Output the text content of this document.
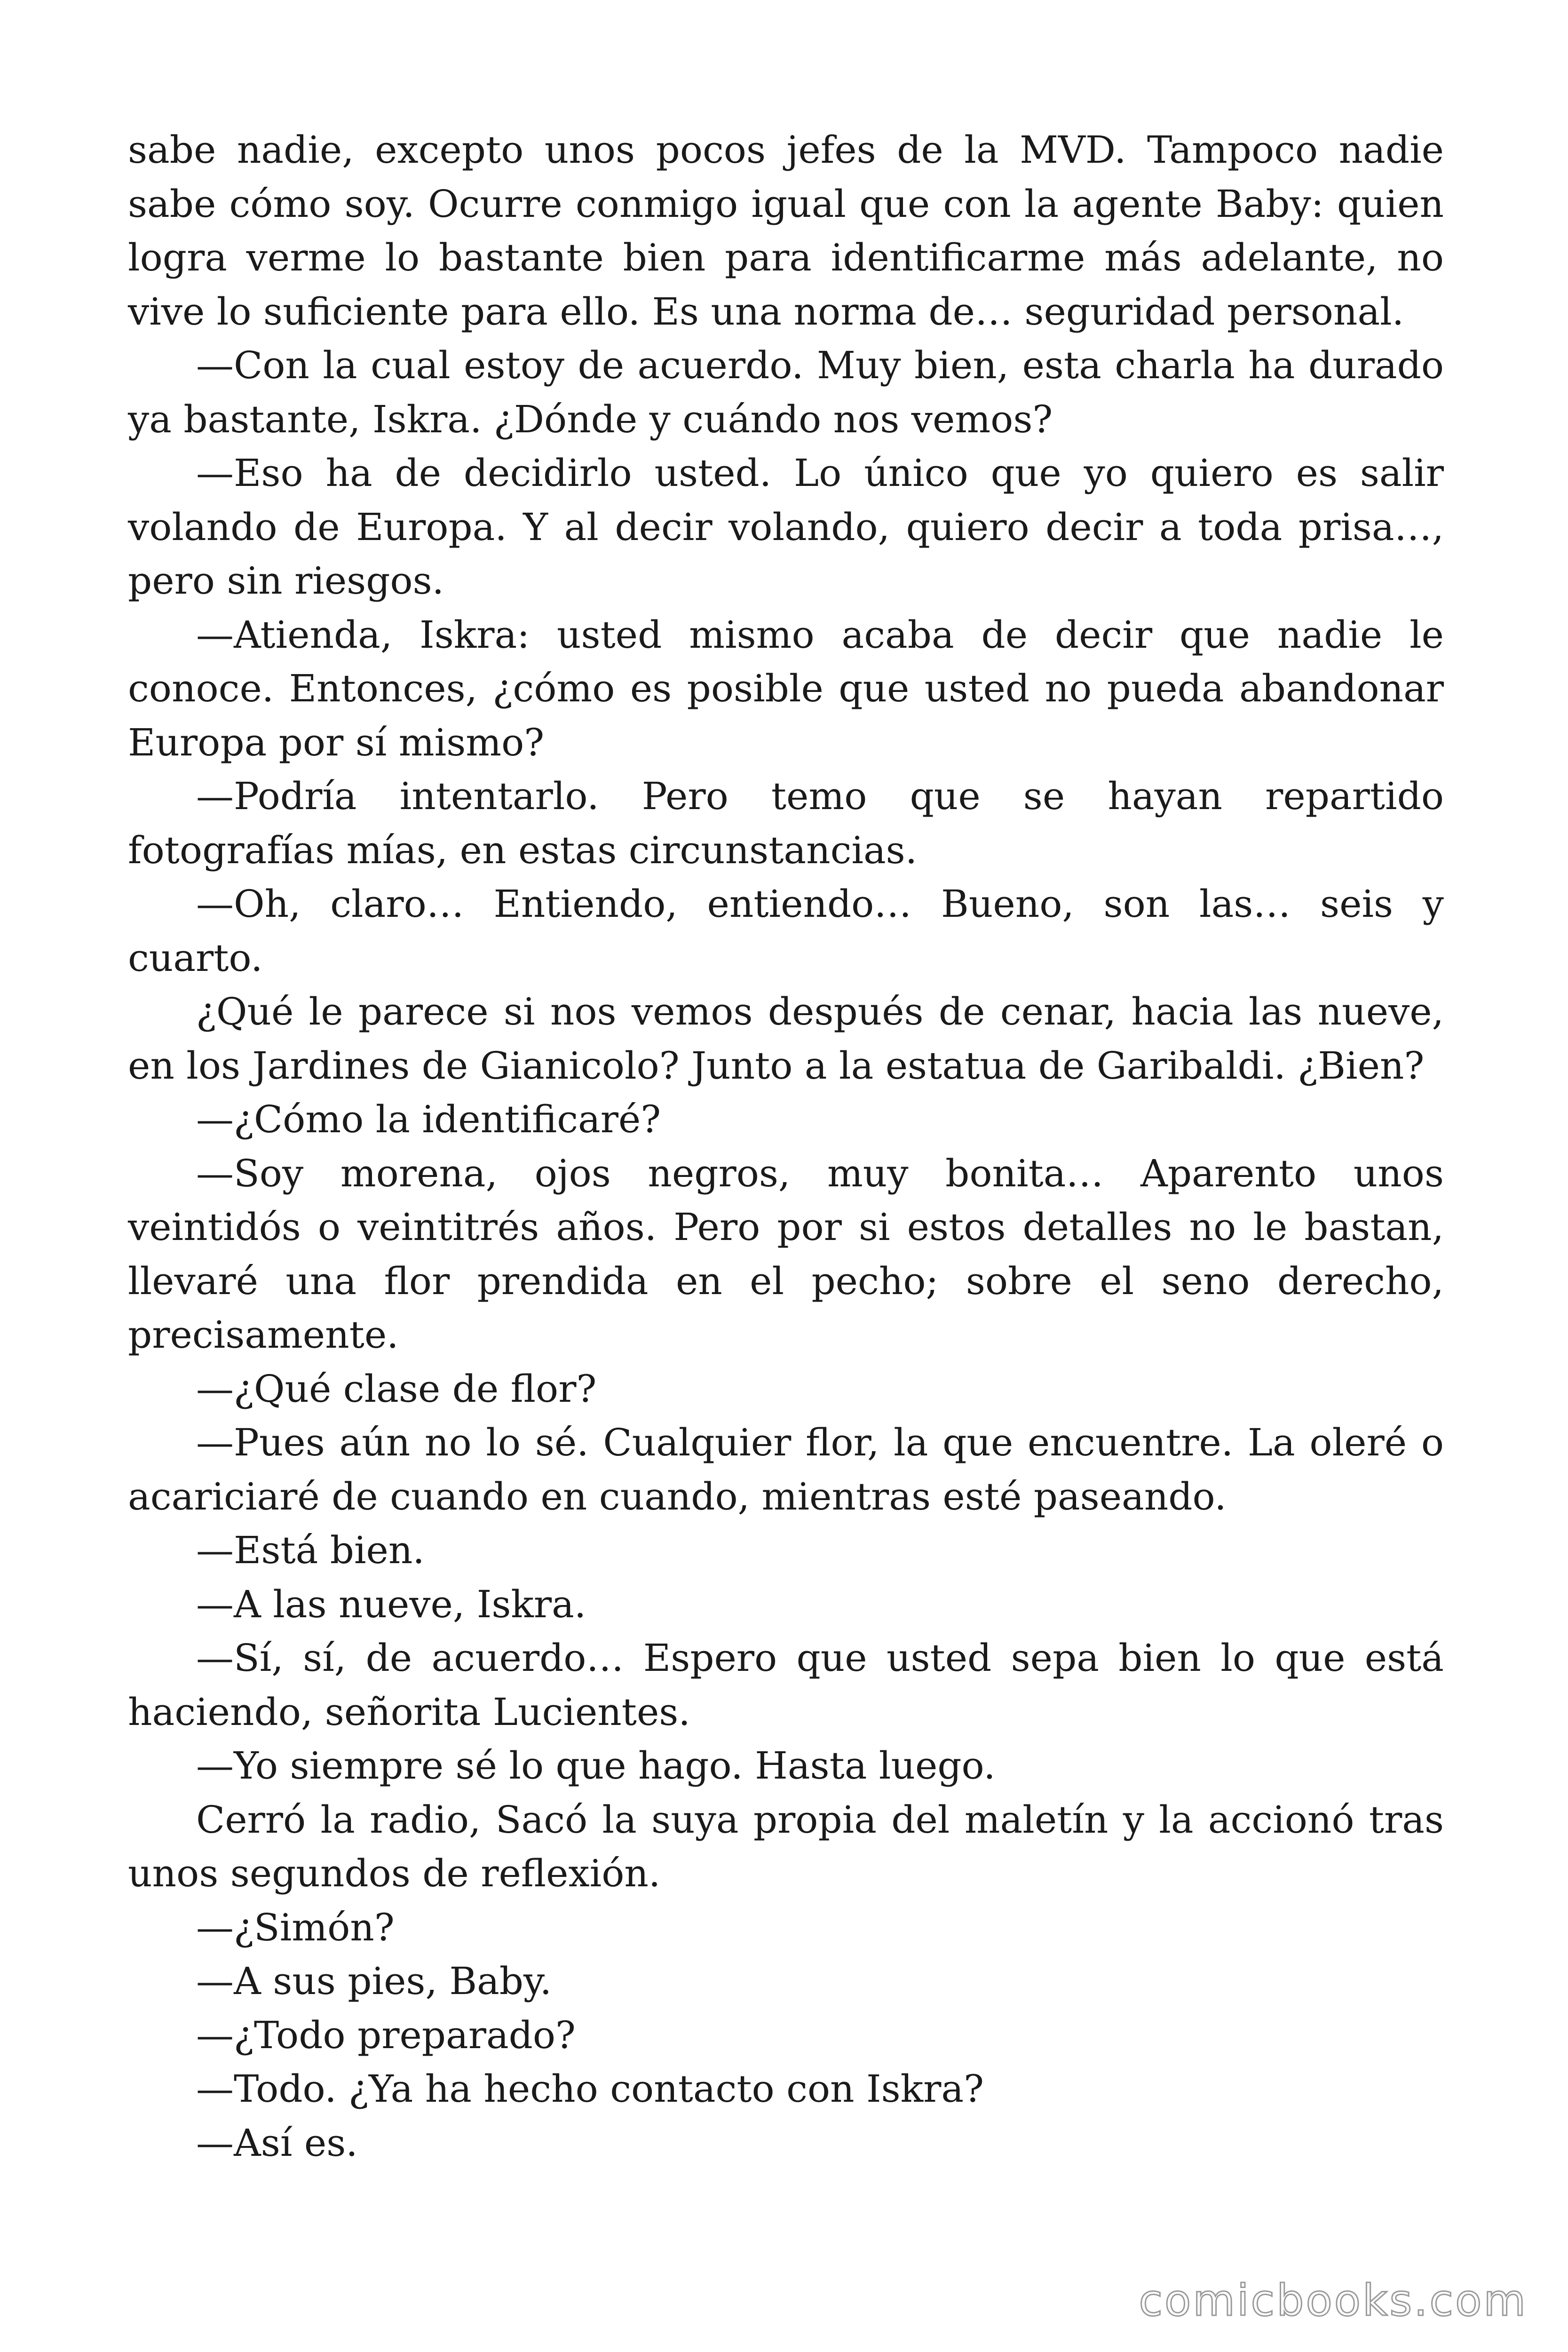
sabe nadie, excepto unos pocos jefes de la MVD. Tampoco nadie sabe cómo soy. Ocurre conmigo igual que con la agente Baby: quien logra verme lo bastante bien para identificarme más adelante, no vive lo suficiente para ello. Es una norma de… seguridad personal.

—Con la cual estoy de acuerdo. Muy bien, esta charla ha durado ya bastante, Iskra. ¿Dónde y cuándo nos vemos?

—Eso ha de decidirlo usted. Lo único que yo quiero es salir volando de Europa. Y al decir volando, quiero decir a toda prisa…, pero sin riesgos.

—Atienda, Iskra: usted mismo acaba de decir que nadie le conoce. Entonces, ¿cómo es posible que usted no pueda abandonar Europa por sí mismo?

—Podría intentarlo. Pero temo que se hayan repartido fotografías mías, en estas circunstancias.

—Oh, claro… Entiendo, entiendo… Bueno, son las… seis y cuarto.

¿Qué le parece si nos vemos después de cenar, hacia las nueve, en los Jardines de Gianicolo? Junto a la estatua de Garibaldi. ¿Bien?

—¿Cómo la identificaré?

—Soy morena, ojos negros, muy bonita… Aparento unos veintidós o veintitrés años. Pero por si estos detalles no le bastan, llevaré una flor prendida en el pecho; sobre el seno derecho, precisamente.

—¿Qué clase de flor?

—Pues aún no lo sé. Cualquier flor, la que encuentre. La oleré o acariciaré de cuando en cuando, mientras esté paseando.

—Está bien.

—A las nueve, Iskra.

—Sí, sí, de acuerdo… Espero que usted sepa bien lo que está haciendo, señorita Lucientes.

—Yo siempre sé lo que hago. Hasta luego.

Cerró la radio, Sacó la suya propia del maletín y la accionó tras unos segundos de reflexión.

—¿Simón?

—A sus pies, Baby.

—¿Todo preparado?

—Todo. ¿Ya ha hecho contacto con Iskra?

—Así es.

comicbooks.com
